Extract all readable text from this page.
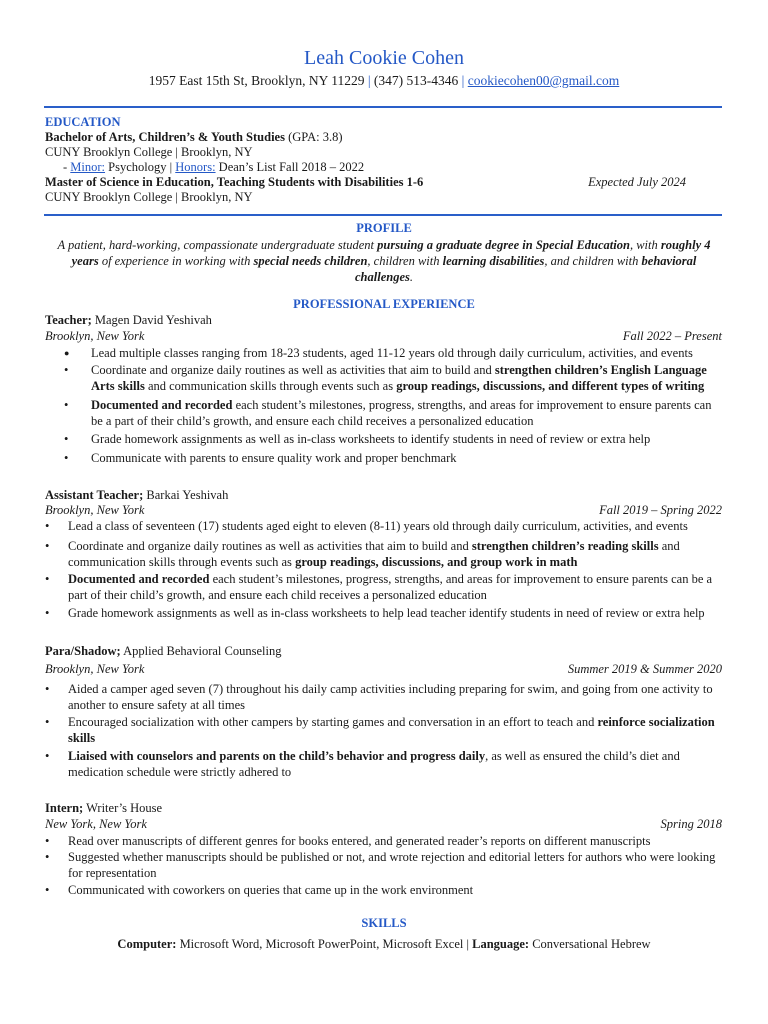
Leah Cookie Cohen
1957 East 15th St, Brooklyn, NY 11229 | (347) 513-4346 | cookiecohen00@gmail.com
EDUCATION
Bachelor of Arts, Children’s & Youth Studies (GPA: 3.8)
CUNY Brooklyn College | Brooklyn, NY
- Minor: Psychology | Honors: Dean’s List Fall 2018 – 2022
Master of Science in Education, Teaching Students with Disabilities 1-6	Expected July 2024
CUNY Brooklyn College | Brooklyn, NY
PROFILE
A patient, hard-working, compassionate undergraduate student pursuing a graduate degree in Special Education, with roughly 4 years of experience in working with special needs children, children with learning disabilities, and children with behavioral challenges.
PROFESSIONAL EXPERIENCE
Teacher; Magen David Yeshivah
Brooklyn, New York	Fall 2022 – Present
● Lead multiple classes ranging from 18-23 students, aged 11-12 years old through daily curriculum, activities, and events
• Coordinate and organize daily routines as well as activities that aim to build and strengthen children’s English Language
Arts skills and communication skills through events such as group readings, discussions, and different types of writing
• Documented and recorded each student’s milestones, progress, strengths, and areas for improvement to ensure parents can
be a part of their child’s growth, and ensure each child receives a personalized education
• Grade homework assignments as well as in-class worksheets to identify students in need of review or extra help
• Communicate with parents to ensure quality work and proper benchmark
Assistant Teacher; Barkai Yeshivah
Brooklyn, New York	Fall 2019 – Spring 2022
• Lead a class of seventeen (17) students aged eight to eleven (8-11) years old through daily curriculum, activities, and events
• Coordinate and organize daily routines as well as activities that aim to build and strengthen children’s reading skills and
communication skills through events such as group readings, discussions, and group work in math
• Documented and recorded each student’s milestones, progress, strengths, and areas for improvement to ensure parents can be a
part of their child’s growth, and ensure each child receives a personalized education
• Grade homework assignments as well as in-class worksheets to help lead teacher identify students in need of review or extra help
Para/Shadow; Applied Behavioral Counseling
Brooklyn, New York	Summer 2019 & Summer 2020
• Aided a camper aged seven (7) throughout his daily camp activities including preparing for swim, and going from one activity to
another to ensure safety at all times
• Encouraged socialization with other campers by starting games and conversation in an effort to teach and reinforce socialization
skills
• Liaised with counselors and parents on the child’s behavior and progress daily, as well as ensured the child’s diet and
medication schedule were strictly adhered to
Intern; Writer’s House
New York, New York	Spring 2018
• Read over manuscripts of different genres for books entered, and generated reader’s reports on different manuscripts
• Suggested whether manuscripts should be published or not, and wrote rejection and editorial letters for authors who were looking
for representation
• Communicated with coworkers on queries that came up in the work environment
SKILLS
Computer: Microsoft Word, Microsoft PowerPoint, Microsoft Excel | Language: Conversational Hebrew
